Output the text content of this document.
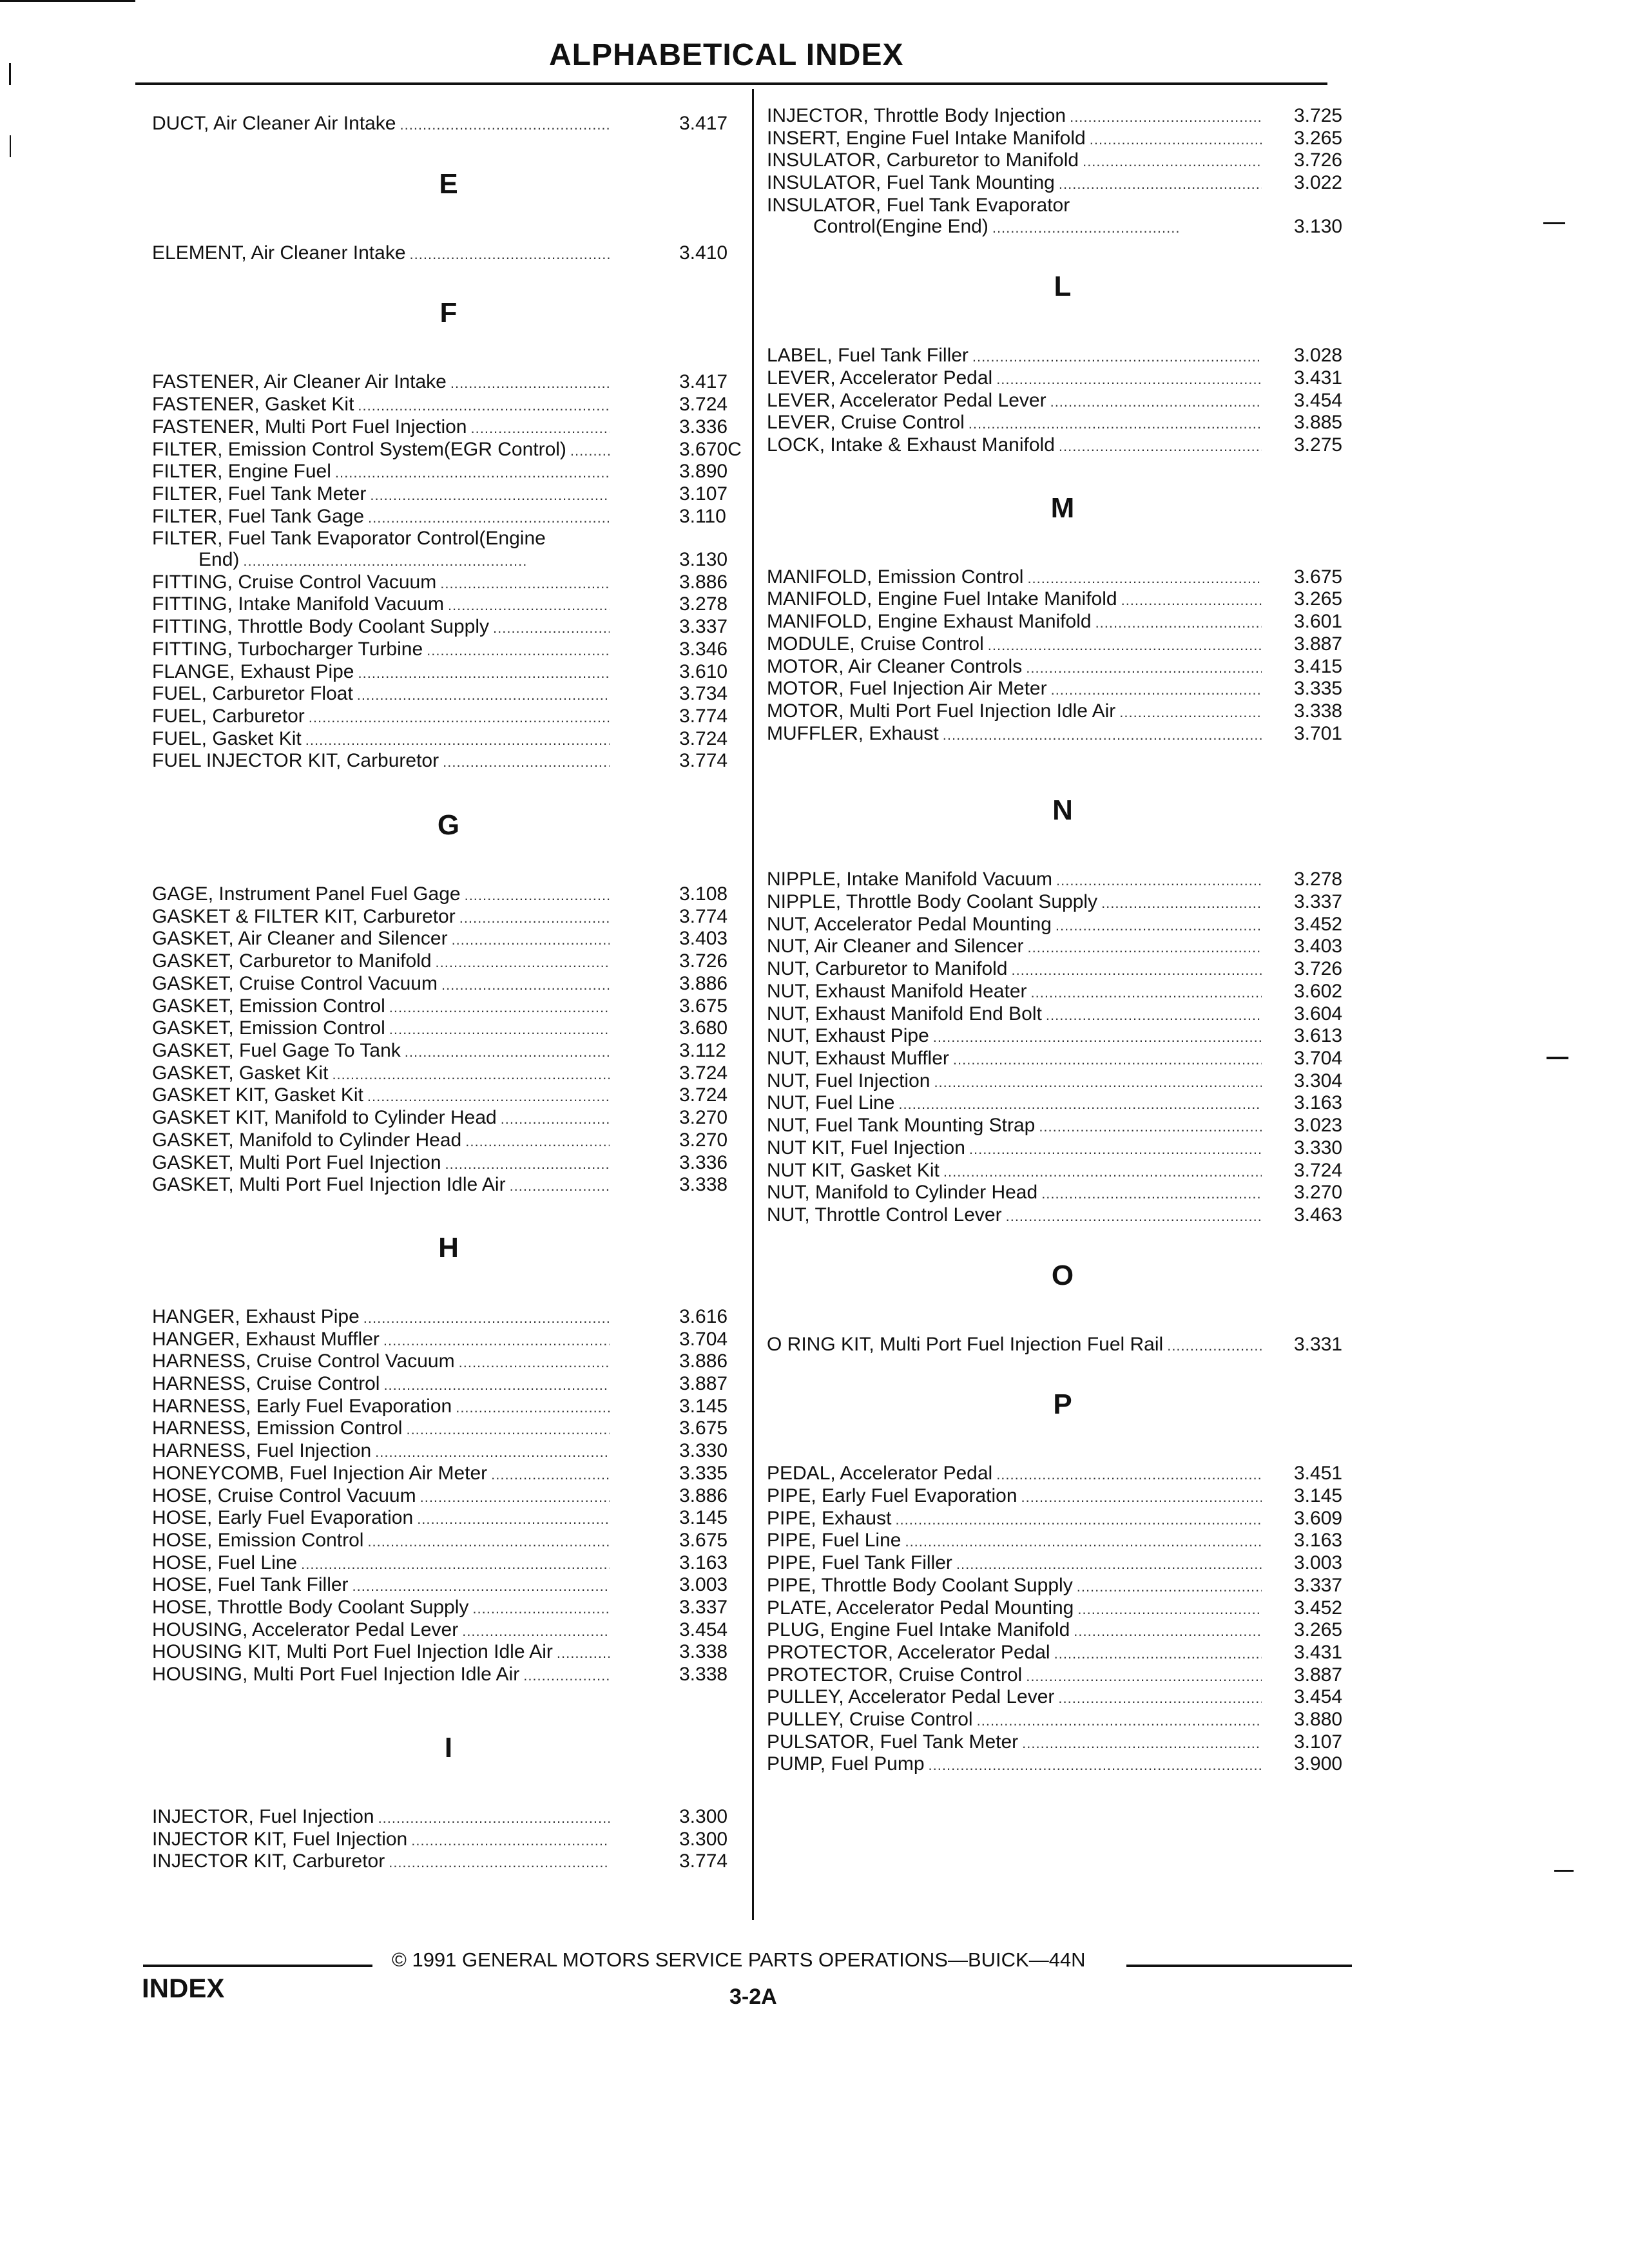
ALPHABETICAL INDEX
DUCT, Air Cleaner Air Intake .....	3.417
E
ELEMENT, Air Cleaner Intake .....	3.410
F
FASTENER, Air Cleaner Air Intake .....	3.417
FASTENER, Gasket Kit .....	3.724
FASTENER, Multi Port Fuel Injection .....	3.336
FILTER, Emission Control System(EGR Control) .....	3.670C
FILTER, Engine Fuel .....	3.890
FILTER, Fuel Tank Meter .....	3.107
FILTER, Fuel Tank Gage .....	3.110
FILTER, Fuel Tank Evaporator Control(Engine
End) .....	3.130
FITTING, Cruise Control Vacuum .....	3.886
FITTING, Intake Manifold Vacuum .....	3.278
FITTING, Throttle Body Coolant Supply .....	3.337
FITTING, Turbocharger Turbine .....	3.346
FLANGE, Exhaust Pipe .....	3.610
FUEL, Carburetor Float .....	3.734
FUEL, Carburetor .....	3.774
FUEL, Gasket Kit .....	3.724
FUEL INJECTOR KIT, Carburetor .....	3.774
G
GAGE, Instrument Panel Fuel Gage .....	3.108
GASKET & FILTER KIT, Carburetor .....	3.774
GASKET, Air Cleaner and Silencer .....	3.403
GASKET, Carburetor to Manifold .....	3.726
GASKET, Cruise Control Vacuum .....	3.886
GASKET, Emission Control .....	3.675
GASKET, Emission Control .....	3.680
GASKET, Fuel Gage To Tank .....	3.112
GASKET, Gasket Kit .....	3.724
GASKET KIT, Gasket Kit .....	3.724
GASKET KIT, Manifold to Cylinder Head .....	3.270
GASKET, Manifold to Cylinder Head .....	3.270
GASKET, Multi Port Fuel Injection .....	3.336
GASKET, Multi Port Fuel Injection Idle Air .....	3.338
H
HANGER, Exhaust Pipe .....	3.616
HANGER, Exhaust Muffler .....	3.704
HARNESS, Cruise Control Vacuum .....	3.886
HARNESS, Cruise Control .....	3.887
HARNESS, Early Fuel Evaporation .....	3.145
HARNESS, Emission Control .....	3.675
HARNESS, Fuel Injection .....	3.330
HONEYCOMB, Fuel Injection Air Meter .....	3.335
HOSE, Cruise Control Vacuum .....	3.886
HOSE, Early Fuel Evaporation .....	3.145
HOSE, Emission Control .....	3.675
HOSE, Fuel Line .....	3.163
HOSE, Fuel Tank Filler .....	3.003
HOSE, Throttle Body Coolant Supply .....	3.337
HOUSING, Accelerator Pedal Lever .....	3.454
HOUSING KIT, Multi Port Fuel Injection Idle Air .....	3.338
HOUSING, Multi Port Fuel Injection Idle Air .....	3.338
I
INJECTOR, Fuel Injection .....	3.300
INJECTOR KIT, Fuel Injection .....	3.300
INJECTOR KIT, Carburetor .....	3.774
INJECTOR, Throttle Body Injection .....	3.725
INSERT, Engine Fuel Intake Manifold .....	3.265
INSULATOR, Carburetor to Manifold .....	3.726
INSULATOR, Fuel Tank Mounting .....	3.022
INSULATOR, Fuel Tank Evaporator
Control(Engine End) .....	3.130
L
LABEL, Fuel Tank Filler .....	3.028
LEVER, Accelerator Pedal .....	3.431
LEVER, Accelerator Pedal Lever .....	3.454
LEVER, Cruise Control .....	3.885
LOCK, Intake & Exhaust Manifold .....	3.275
M
MANIFOLD, Emission Control .....	3.675
MANIFOLD, Engine Fuel Intake Manifold .....	3.265
MANIFOLD, Engine Exhaust Manifold .....	3.601
MODULE, Cruise Control .....	3.887
MOTOR, Air Cleaner Controls .....	3.415
MOTOR, Fuel Injection Air Meter .....	3.335
MOTOR, Multi Port Fuel Injection Idle Air .....	3.338
MUFFLER, Exhaust .....	3.701
N
NIPPLE, Intake Manifold Vacuum .....	3.278
NIPPLE, Throttle Body Coolant Supply .....	3.337
NUT, Accelerator Pedal Mounting .....	3.452
NUT, Air Cleaner and Silencer .....	3.403
NUT, Carburetor to Manifold .....	3.726
NUT, Exhaust Manifold Heater .....	3.602
NUT, Exhaust Manifold End Bolt .....	3.604
NUT, Exhaust Pipe .....	3.613
NUT, Exhaust Muffler .....	3.704
NUT, Fuel Injection .....	3.304
NUT, Fuel Line .....	3.163
NUT, Fuel Tank Mounting Strap .....	3.023
NUT KIT, Fuel Injection .....	3.330
NUT KIT, Gasket Kit .....	3.724
NUT, Manifold to Cylinder Head .....	3.270
NUT, Throttle Control Lever .....	3.463
O
O RING KIT, Multi Port Fuel Injection Fuel Rail .....	3.331
P
PEDAL, Accelerator Pedal .....	3.451
PIPE, Early Fuel Evaporation .....	3.145
PIPE, Exhaust .....	3.609
PIPE, Fuel Line .....	3.163
PIPE, Fuel Tank Filler .....	3.003
PIPE, Throttle Body Coolant Supply .....	3.337
PLATE, Accelerator Pedal Mounting .....	3.452
PLUG, Engine Fuel Intake Manifold .....	3.265
PROTECTOR, Accelerator Pedal .....	3.431
PROTECTOR, Cruise Control .....	3.887
PULLEY, Accelerator Pedal Lever .....	3.454
PULLEY, Cruise Control .....	3.880
PULSATOR, Fuel Tank Meter .....	3.107
PUMP, Fuel Pump .....	3.900
© 1991 GENERAL MOTORS SERVICE PARTS OPERATIONS—BUICK—44N
INDEX	3-2A
